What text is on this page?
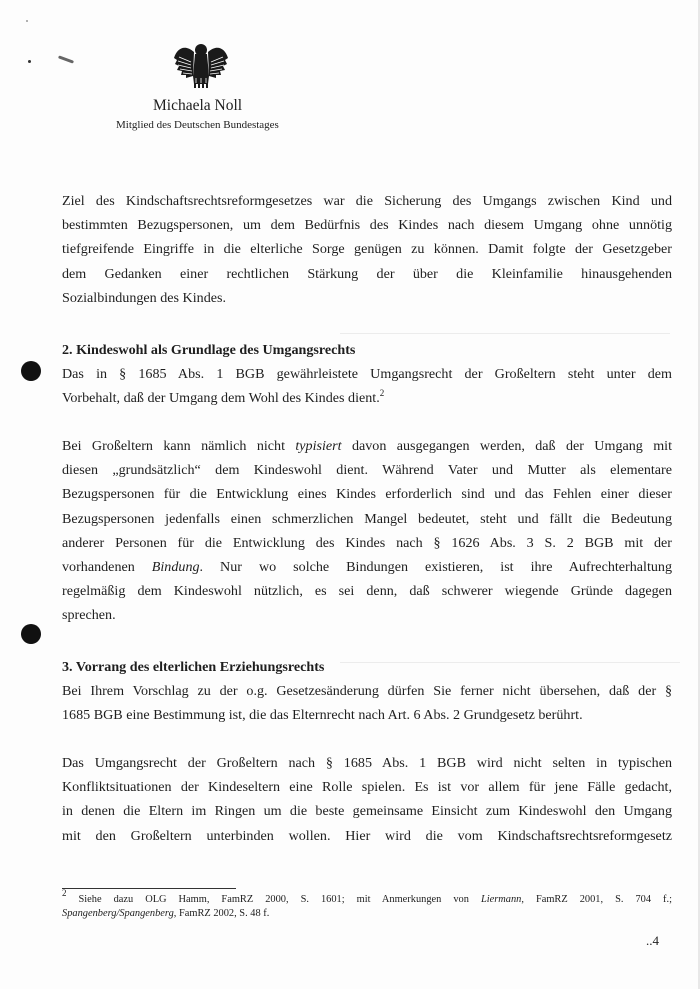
Michaela Noll
Mitglied des Deutschen Bundestages
Ziel des Kindschaftsrechtsreformgesetzes war die Sicherung des Umgangs zwischen Kind und
bestimmten Bezugspersonen, um dem Bedürfnis des Kindes nach diesem Umgang ohne unnötig
tiefgreifende Eingriffe in die elterliche Sorge genügen zu können. Damit folgte der Gesetzgeber
dem Gedanken einer rechtlichen Stärkung der über die Kleinfamilie hinausgehenden
Sozialbindungen des Kindes.
2. Kindeswohl als Grundlage des Umgangsrechts
Das in § 1685 Abs. 1 BGB gewährleistete Umgangsrecht der Großeltern steht unter dem
Vorbehalt, daß der Umgang dem Wohl des Kindes dient.$^2$
Bei Großeltern kann nämlich nicht typisiert davon ausgegangen werden, daß der Umgang mit
diesen „grundsätzlich“ dem Kindeswohl dient. Während Vater und Mutter als elementare
Bezugspersonen für die Entwicklung eines Kindes erforderlich sind und das Fehlen einer dieser
Bezugspersonen jedenfalls einen schmerzlichen Mangel bedeutet, steht und fällt die Bedeutung
anderer Personen für die Entwicklung des Kindes nach § 1626 Abs. 3 S. 2 BGB mit der
vorhandenen Bindung. Nur wo solche Bindungen existieren, ist ihre Aufrechterhaltung
regelmäßig dem Kindeswohl nützlich, es sei denn, daß schwerer wiegende Gründe dagegen
sprechen.
3. Vorrang des elterlichen Erziehungsrechts
Bei Ihrem Vorschlag zu der o.g. Gesetzesänderung dürfen Sie ferner nicht übersehen, daß der §
1685 BGB eine Bestimmung ist, die das Elternrecht nach Art. 6 Abs. 2 Grundgesetz berührt.
Das Umgangsrecht der Großeltern nach § 1685 Abs. 1 BGB wird nicht selten in typischen
Konfliktsituationen der Kindeseltern eine Rolle spielen. Es ist vor allem für jene Fälle gedacht,
in denen die Eltern im Ringen um die beste gemeinsame Einsicht zum Kindeswohl den Umgang
mit den Großeltern unterbinden wollen. Hier wird die vom Kindschaftsrechtsreformgesetz
$^2$ Siehe dazu OLG Hamm, FamRZ 2000, S. 1601; mit Anmerkungen von Liermann, FamRZ 2001, S. 704 f.;
Spangenberg/Spangenberg, FamRZ 2002, S. 48 f.
..4
